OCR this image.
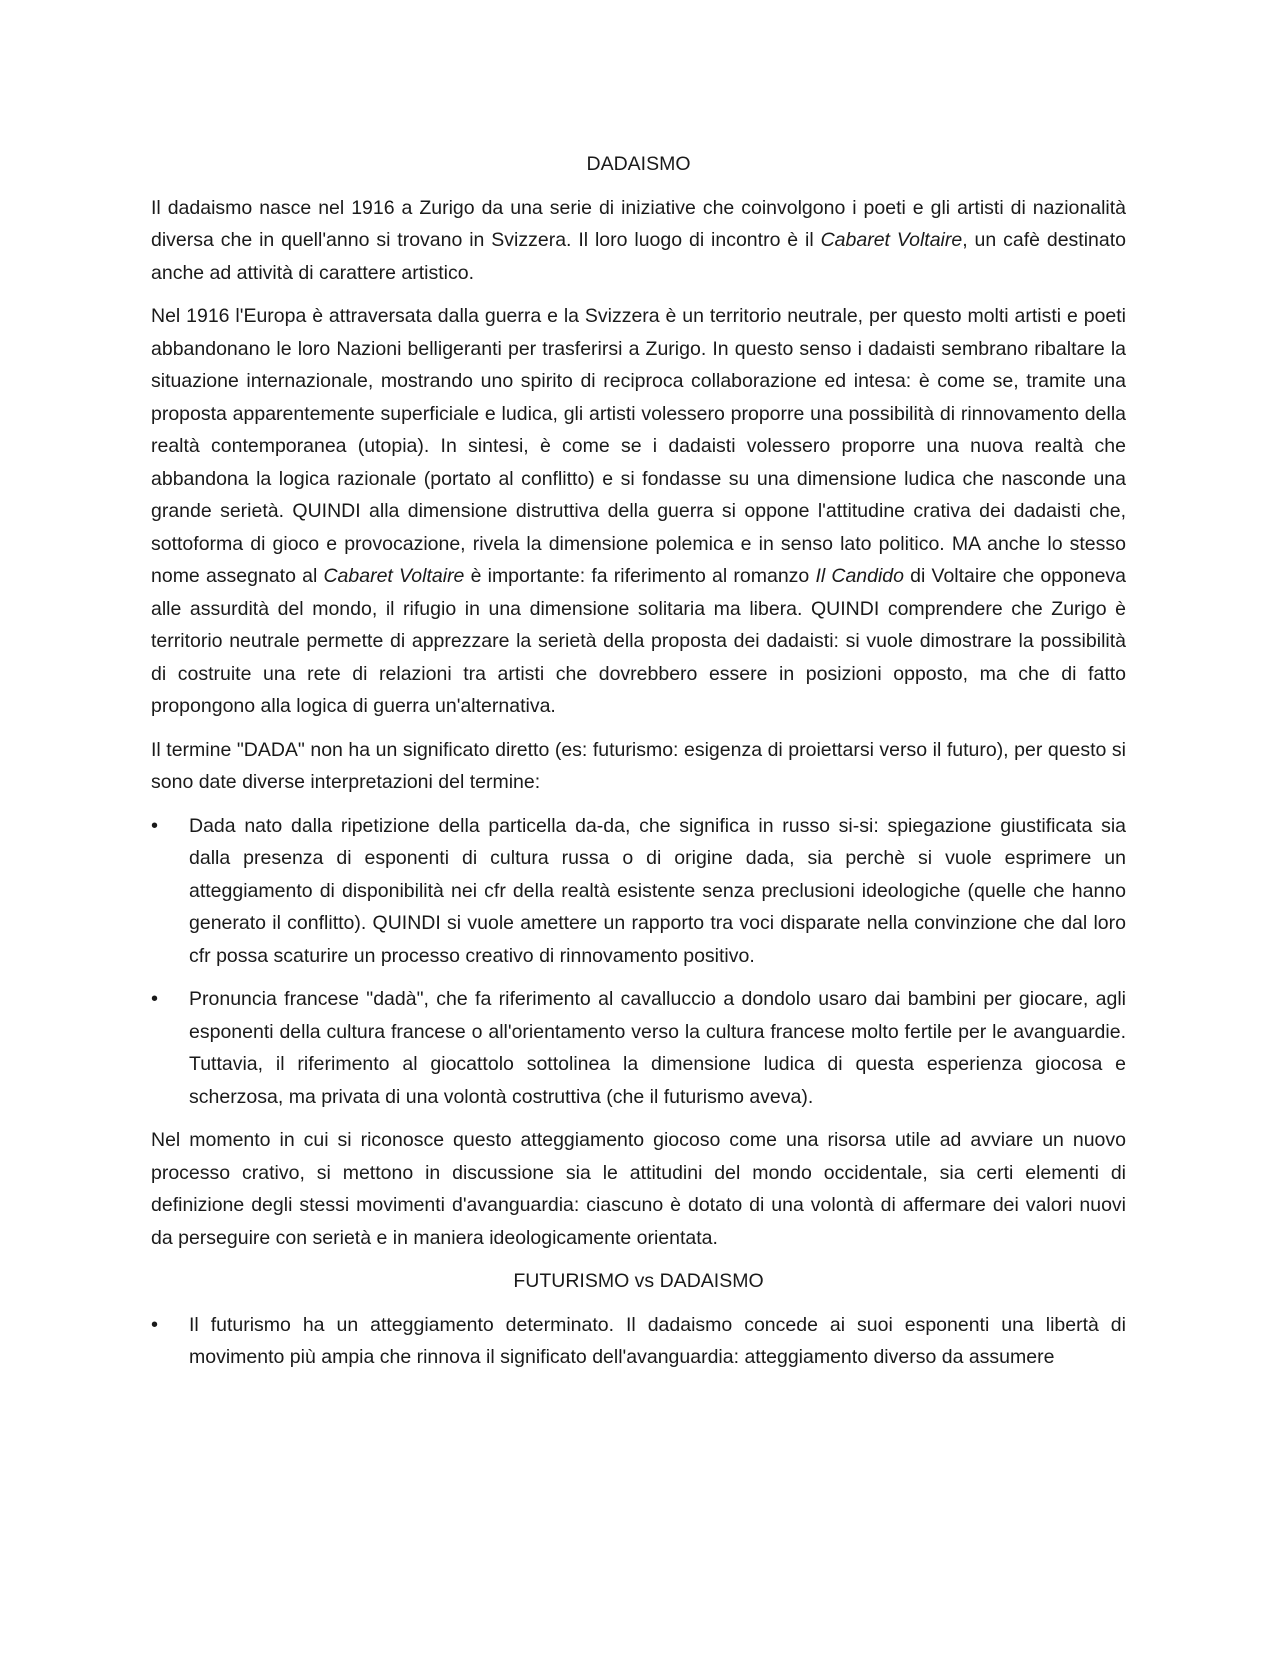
DADAISMO

Il dadaismo nasce nel 1916 a Zurigo da una serie di iniziative che coinvolgono i poeti e gli artisti di nazionalità diversa che in quell'anno si trovano in Svizzera. Il loro luogo di incontro è il Cabaret Voltaire, un cafè destinato anche ad attività di carattere artistico.

Nel 1916 l'Europa è attraversata dalla guerra e la Svizzera è un territorio neutrale, per questo molti artisti e poeti abbandonano le loro Nazioni belligeranti per trasferirsi a Zurigo. In questo senso i dadaisti sembrano ribaltare la situazione internazionale, mostrando uno spirito di reciproca collaborazione ed intesa: è come se, tramite una proposta apparentemente superficiale e ludica, gli artisti volessero proporre una possibilità di rinnovamento della realtà contemporanea (utopia). In sintesi, è come se i dadaisti volessero proporre una nuova realtà che abbandona la logica razionale (portato al conflitto) e si fondasse su una dimensione ludica che nasconde una grande serietà. QUINDI alla dimensione distruttiva della guerra si oppone l'attitudine crativa dei dadaisti che, sottoforma di gioco e provocazione, rivela la dimensione polemica e in senso lato politico. MA anche lo stesso nome assegnato al Cabaret Voltaire è importante: fa riferimento al romanzo Il Candido di Voltaire che opponeva alle assurdità del mondo, il rifugio in una dimensione solitaria ma libera. QUINDI comprendere che Zurigo è territorio neutrale permette di apprezzare la serietà della proposta dei dadaisti: si vuole dimostrare la possibilità di costruite una rete di relazioni tra artisti che dovrebbero essere in posizioni opposto, ma che di fatto propongono alla logica di guerra un'alternativa.

Il termine "DADA" non ha un significato diretto (es: futurismo: esigenza di proiettarsi verso il futuro), per questo si sono date diverse interpretazioni del termine:

•
Dada nato dalla ripetizione della particella da-da, che significa in russo si-si: spiegazione giustificata sia dalla presenza di esponenti di cultura russa o di origine dada, sia perchè si vuole esprimere un atteggiamento di disponibilità nei cfr della realtà esistente senza preclusioni ideologiche (quelle che hanno generato il conflitto). QUINDI si vuole amettere un rapporto tra voci disparate nella convinzione che dal loro cfr possa scaturire un processo creativo di rinnovamento positivo.
•
Pronuncia francese "dadà", che fa riferimento al cavalluccio a dondolo usaro dai bambini per giocare, agli esponenti della cultura francese o all'orientamento verso la cultura francese molto fertile per le avanguardie. Tuttavia, il riferimento al giocattolo sottolinea la dimensione ludica di questa esperienza giocosa e scherzosa, ma privata di una volontà costruttiva (che il futurismo aveva).

Nel momento in cui si riconosce questo atteggiamento giocoso come una risorsa utile ad avviare un nuovo processo crativo, si mettono in discussione sia le attitudini del mondo occidentale, sia certi elementi di definizione degli stessi movimenti d'avanguardia: ciascuno è dotato di una volontà di affermare dei valori nuovi da perseguire con serietà e in maniera ideologicamente orientata.

FUTURISMO vs DADAISMO
•
Il futurismo ha un atteggiamento determinato. Il dadaismo concede ai suoi esponenti una libertà di movimento più ampia che rinnova il significato dell'avanguardia: atteggiamento diverso da assumere
